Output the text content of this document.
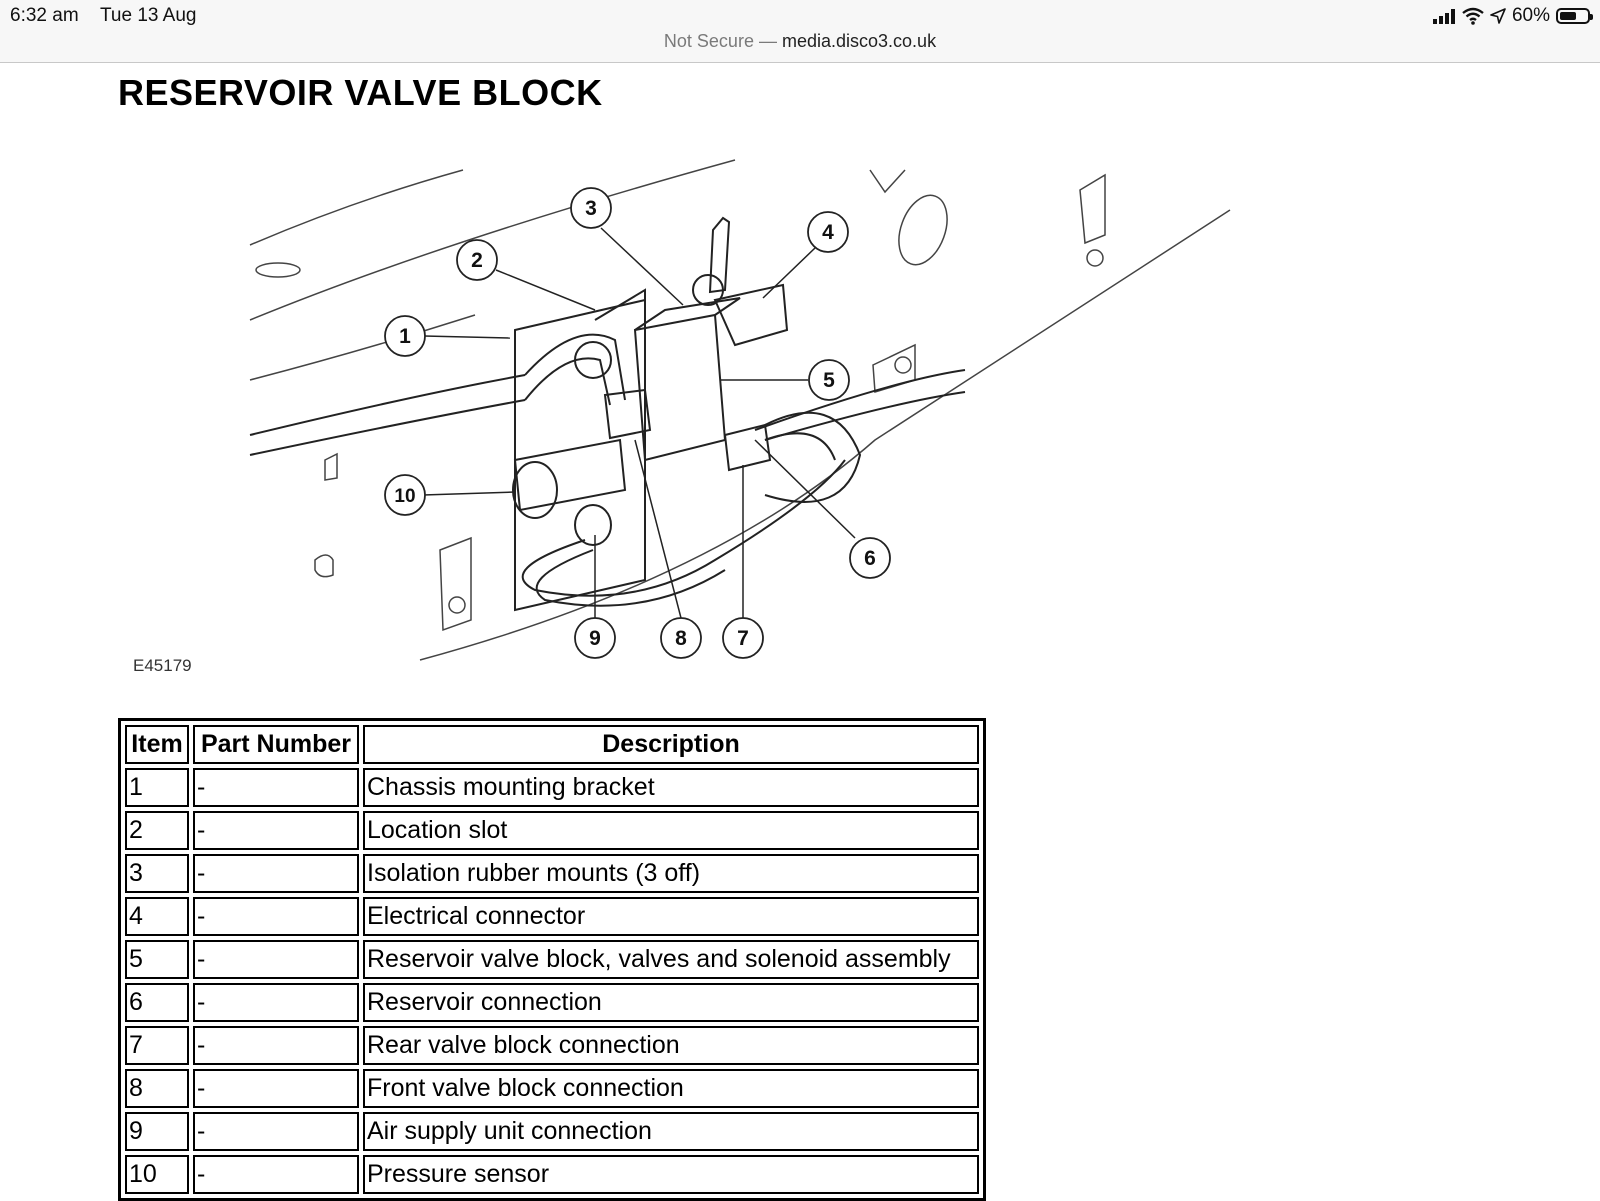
6:32 am Tue 13 Aug
Not Secure — media.disco3.co.uk
60%
RESERVOIR VALVE BLOCK
1
2
3
4
5
6
7
8
9
10
E45179
Item	Part Number	Description
1	-	Chassis mounting bracket
2	-	Location slot
3	-	Isolation rubber mounts (3 off)
4	-	Electrical connector
5	-	Reservoir valve block, valves and solenoid assembly
6	-	Reservoir connection
7	-	Rear valve block connection
8	-	Front valve block connection
9	-	Air supply unit connection
10	-	Pressure sensor
